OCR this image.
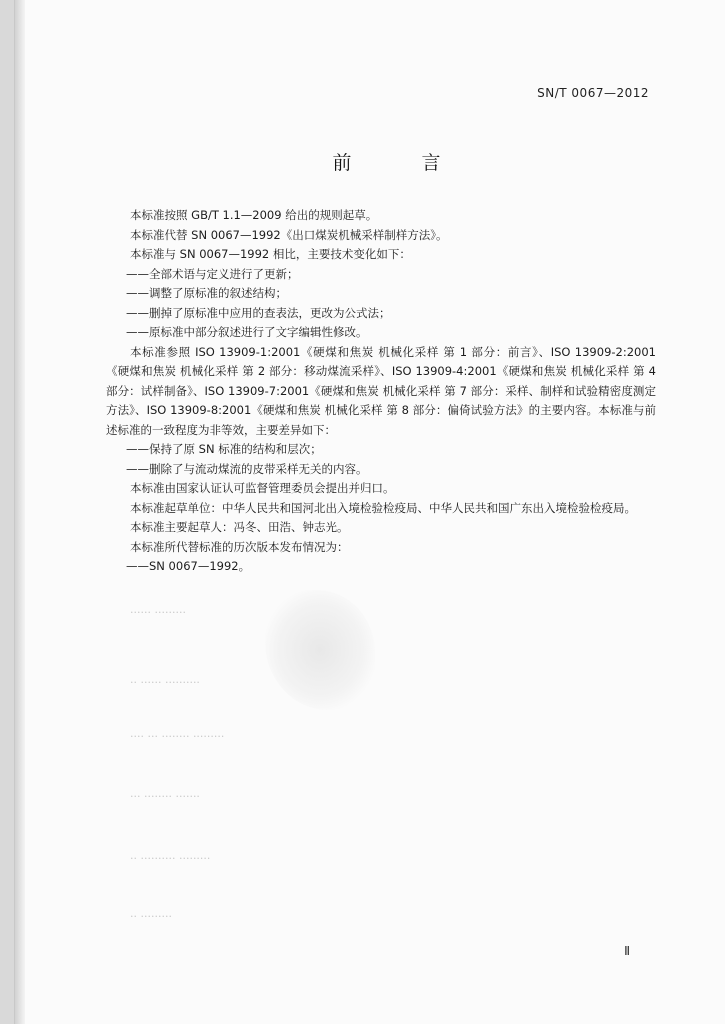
SN/T 0067—2012
前 言
······ ·········
·· ······ ··········
···· ··· ········ ·········
··· ········ ·······
·· ·········· ·········
·· ·········

本标准按照 GB/T 1.1—2009 给出的规则起草。

本标准代替 SN 0067—1992《出口煤炭机械采样制样方法》。

本标准与 SN 0067—1992 相比，主要技术变化如下：

——全部术语与定义进行了更新；

——调整了原标准的叙述结构；

——删掉了原标准中应用的查表法，更改为公式法；

——原标准中部分叙述进行了文字编辑性修改。

本标准参照 ISO 13909-1:2001《硬煤和焦炭 机械化采样 第 1 部分：前言》、ISO 13909-2:2001《硬煤和焦炭 机械化采样 第 2 部分：移动煤流采样》、ISO 13909-4:2001《硬煤和焦炭 机械化采样 第 4 部分：试样制备》、ISO 13909-7:2001《硬煤和焦炭 机械化采样 第 7 部分：采样、制样和试验精密度测定方法》、ISO 13909-8:2001《硬煤和焦炭 机械化采样 第 8 部分：偏倚试验方法》的主要内容。本标准与前述标准的一致程度为非等效，主要差异如下：

——保持了原 SN 标准的结构和层次；

——删除了与流动煤流的皮带采样无关的内容。

本标准由国家认证认可监督管理委员会提出并归口。

本标准起草单位：中华人民共和国河北出入境检验检疫局、中华人民共和国广东出入境检验检疫局。

本标准主要起草人：冯冬、田浩、钟志光。

本标准所代替标准的历次版本发布情况为：

——SN 0067—1992。

Ⅱ
